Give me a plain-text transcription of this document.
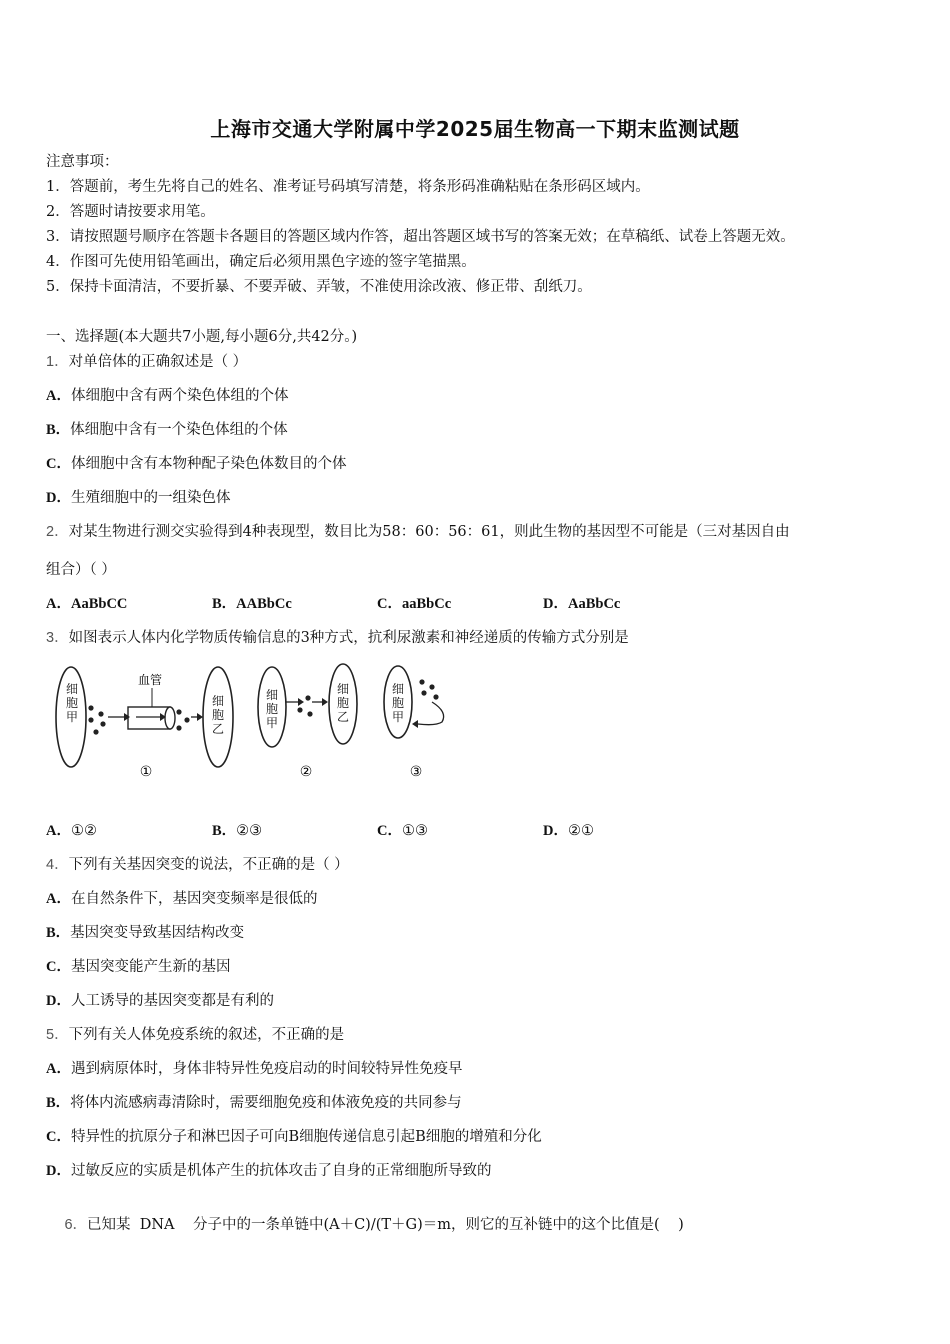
上海市交通大学附属中学2025届生物高一下期末监测试题
注意事项：
1．答题前，考生先将自己的姓名、准考证号码填写清楚，将条形码准确粘贴在条形码区域内。
2．答题时请按要求用笔。
3．请按照题号顺序在答题卡各题目的答题区域内作答，超出答题区域书写的答案无效；在草稿纸、试卷上答题无效。
4．作图可先使用铅笔画出，确定后必须用黑色字迹的签字笔描黑。
5．保持卡面清洁，不要折暴、不要弄破、弄皱，不准使用涂改液、修正带、刮纸刀。
一、选择题(本大题共7小题,每小题6分,共42分。)
1．对单倍体的正确叙述是（ ）
A．体细胞中含有两个染色体组的个体
B．体细胞中含有一个染色体组的个体
C．体细胞中含有本物种配子染色体数目的个体
D．生殖细胞中的一组染色体
2．对某生物进行测交实验得到4种表现型，数目比为58：60：56：61，则此生物的基因型不可能是（三对基因自由
组合）（ ）
A．AaBbCC	B．AABbCc	C．aaBbCc	D．AaBbCc
3．如图表示人体内化学物质传输信息的3种方式，抗利尿激素和神经递质的传输方式分别是
血管
①	②	③
细胞甲
细胞乙
细胞甲
细胞乙
细胞甲
A．①②	B．②③	C．①③	D．②①
4．下列有关基因突变的说法，不正确的是（ ）
A．在自然条件下，基因突变频率是很低的
B．基因突变导致基因结构改变
C．基因突变能产生新的基因
D．人工诱导的基因突变都是有利的
5．下列有关人体免疫系统的叙述，不正确的是
A．遇到病原体时，身体非特异性免疫启动的时间较特异性免疫早
B．将体内流感病毒清除时，需要细胞免疫和体液免疫的共同参与
C．特异性的抗原分子和淋巴因子可向B细胞传递信息引起B细胞的增殖和分化
D．过敏反应的实质是机体产生的抗体攻击了自身的正常细胞所导致的

6．已知某  DNA    分子中的一条单链中(A＋C)/(T＋G)＝m，则它的互补链中的这个比值是(    )
